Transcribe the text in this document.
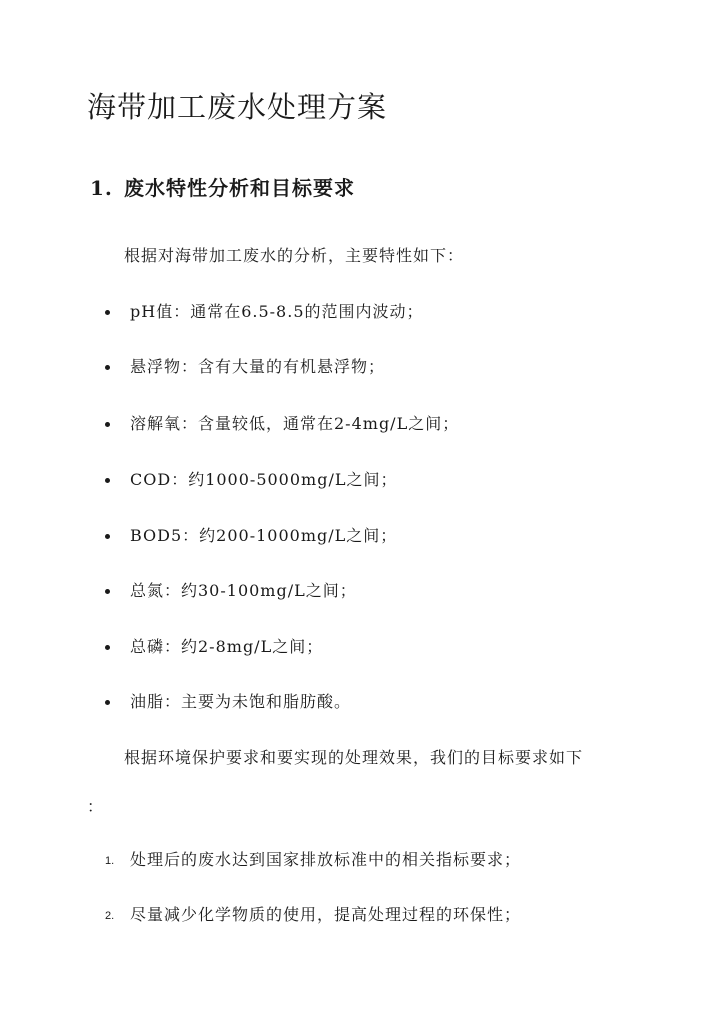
海带加工废水处理方案
1. 废水特性分析和目标要求

根据对海带加工废水的分析，主要特性如下：

pH值：通常在6.5-8.5的范围内波动；
悬浮物：含有大量的有机悬浮物；
溶解氧：含量较低，通常在2-4mg/L之间；
COD：约1000-5000mg/L之间；
BOD5：约200-1000mg/L之间；
总氮：约30-100mg/L之间；
总磷：约2-8mg/L之间；
油脂：主要为未饱和脂肪酸。

根据环境保护要求和要实现的处理效果，我们的目标要求如下

：

1. 处理后的废水达到国家排放标准中的相关指标要求；
2. 尽量减少化学物质的使用，提高处理过程的环保性；
